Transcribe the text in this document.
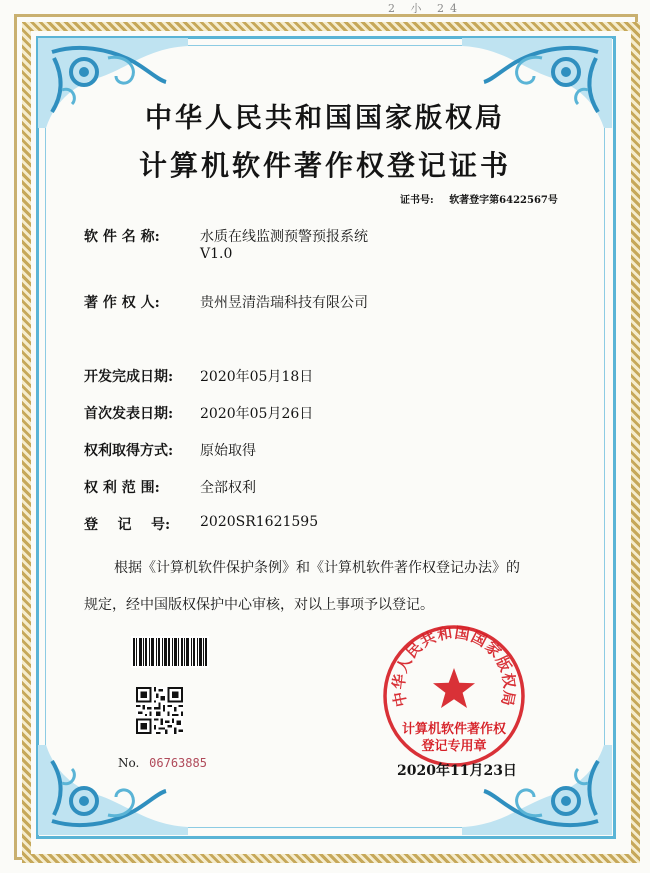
2 小 24
中华人民共和国国家版权局
计算机软件著作权登记证书
证书号: 软著登字第6422567号
软 件 名 称:	水质在线监测预警预报系统
V1.0
著 作 权 人:	贵州昱清浩瑞科技有限公司
开发完成日期:	2020年05月18日
首次发表日期:	2020年05月26日
权利取得方式:	原始取得
权 利 范 围:	全部权利
登    记    号:	2020SR1621595
根据《计算机软件保护条例》和《计算机软件著作权登记办法》的
规定，经中国版权保护中心审核，对以上事项予以登记。
No. 06763885
中华人民共和国国家版权局
计算机软件著作权
登记专用章
2020年11月23日
